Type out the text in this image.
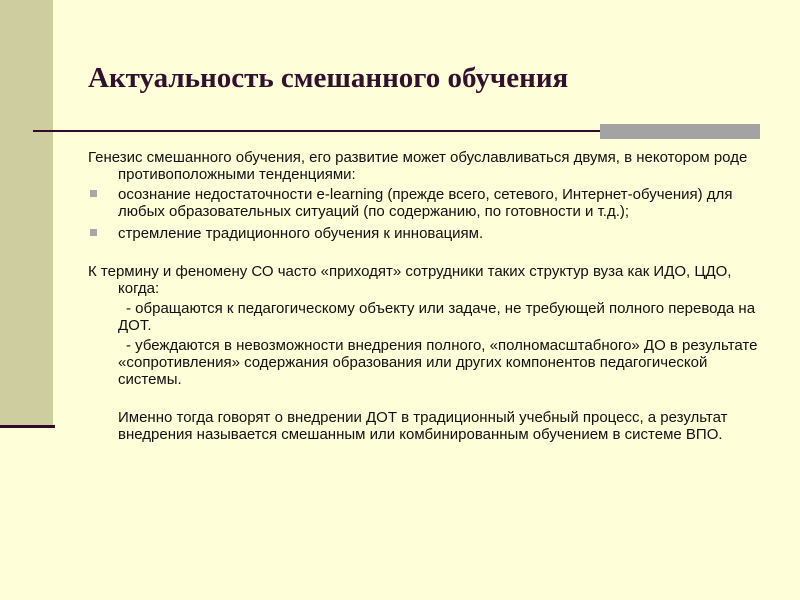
Актуальность смешанного обучения

Генезис смешанного обучения, его развитие может обуславливаться двумя, в некотором роде противоположными тенденциями:

осознание недостаточности e-learning (прежде всего, сетевого, Интернет-обучения) для любых образовательных ситуаций (по содержанию, по готовности и т.д.);
стремление традиционного обучения к инновациям.

К термину и феномену СО часто «приходят» сотрудники таких структур вуза как ИДО, ЦДО, когда:

- обращаются к педагогическому объекту или задаче, не требующей полного перевода на ДОТ.

- убеждаются в невозможности внедрения полного, «полномасштабного» ДО в результате «сопротивления» содержания образования или других компонентов педагогической системы.

Именно тогда говорят о внедрении ДОТ в традиционный учебный процесс, а результат внедрения называется смешанным или комбинированным обучением в системе ВПО.
